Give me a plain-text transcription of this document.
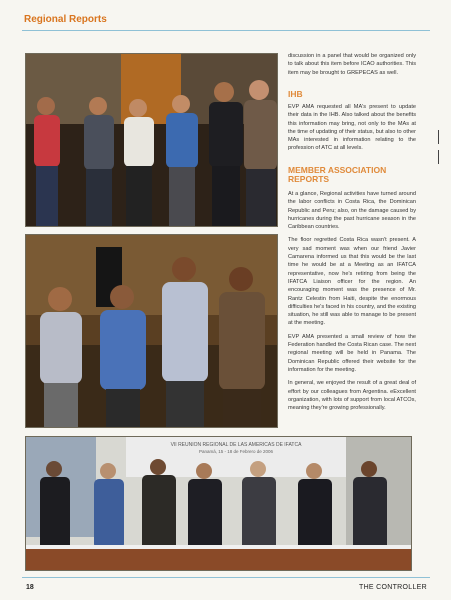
Regional Reports
VII REUNION REGIONAL DE LAS AMERICAS DE IFATCA
Panamá, 15 - 18 de Febrero de 2006

discussion in a panel that would be organized only to talk about this item before ICAO authorities. This item may be brought to GREPECAS as well.

IHB

EVP AMA requested all MA's present to update their data in the IHB. Also talked about the benefits this information may bring, not only to the MAs at the time of updating of their status, but also to other MAs interested in information relating to the profession of ATC at all levels.

MEMBER ASSOCIATION REPORTS

At a glance, Regional activities have turned around the labor conflicts in Costa Rica, the Dominican Republic and Peru; also, on the damage caused by hurricanes during the past hurricane season in the Caribbean countries.

The floor regretted Costa Rica wasn't present. A very sad moment was when our friend Javier Camarena informed us that this would be the last time he would be at a Meeting as an IFATCA representative, now he's retiring from being the IFATCA Liaison officer for the region. An encouraging moment was the presence of Mr. Rantz Celestin from Haiti, despite the enormous difficulties he's faced in his country, and the existing situation, he still was able to manage to be present at the meeting.

EVP AMA presented a small review of how the Federation handled the Costa Rican case. The next regional meeting will be held in Panama. The Dominican Republic offered their website for the information for the meeting.

In general, we enjoyed the result of a great deal of effort by our colleagues from Argentina. eExcellent organization, with lots of support from local ATCOs, meaning they're growing professionally.

18	THE CONTROLLER
